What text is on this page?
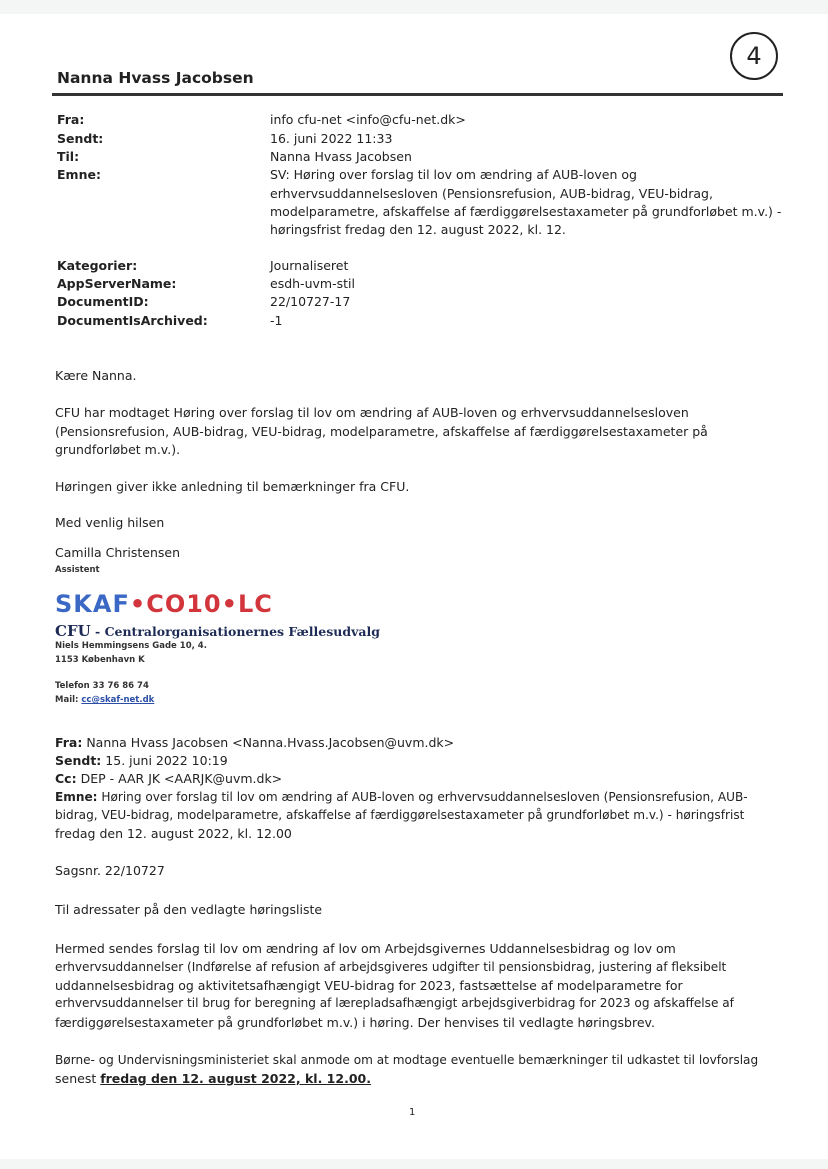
4
Nanna Hvass Jacobsen
Fra:	info cfu-net <info@cfu-net.dk>
Sendt:	16. juni 2022 11:33
Til:	Nanna Hvass Jacobsen
Emne:	SV: Høring over forslag til lov om ændring af AUB-loven og
erhvervsuddannelsesloven (Pensionsrefusion, AUB-bidrag, VEU-bidrag,
modelparametre, afskaffelse af færdiggørelsestaxameter på grundforløbet m.v.) -
høringsfrist fredag den 12. august 2022, kl. 12.
Kategorier:	Journaliseret
AppServerName:	esdh-uvm-stil
DocumentID:	22/10727-17
DocumentIsArchived:	-1
Kære Nanna.
CFU har modtaget Høring over forslag til lov om ændring af AUB-loven og erhvervsuddannelsesloven
(Pensionsrefusion, AUB-bidrag, VEU-bidrag, modelparametre, afskaffelse af færdiggørelsestaxameter på
grundforløbet m.v.).
Høringen giver ikke anledning til bemærkninger fra CFU.
Med venlig hilsen
Camilla Christensen
Assistent
SKAF•CO10•LC
CFU - Centralorganisationernes Fællesudvalg
Niels Hemmingsens Gade 10, 4.
1153 København K
Telefon 33 76 86 74
Mail: cc@skaf-net.dk
Fra: Nanna Hvass Jacobsen <Nanna.Hvass.Jacobsen@uvm.dk>
Sendt: 15. juni 2022 10:19
Cc: DEP - AAR JK <AARJK@uvm.dk>
Emne: Høring over forslag til lov om ændring af AUB-loven og erhvervsuddannelsesloven (Pensionsrefusion, AUB-
bidrag, VEU-bidrag, modelparametre, afskaffelse af færdiggørelsestaxameter på grundforløbet m.v.) - høringsfrist
fredag den 12. august 2022, kl. 12.00
Sagsnr. 22/10727
Til adressater på den vedlagte høringsliste
Hermed sendes forslag til lov om ændring af lov om Arbejdsgivernes Uddannelsesbidrag og lov om
erhvervsuddannelser (Indførelse af refusion af arbejdsgiveres udgifter til pensionsbidrag, justering af fleksibelt
uddannelsesbidrag og aktivitetsafhængigt VEU-bidrag for 2023, fastsættelse af modelparametre for
erhvervsuddannelser til brug for beregning af lærepladsafhængigt arbejdsgiverbidrag for 2023 og afskaffelse af
færdiggørelsestaxameter på grundforløbet m.v.) i høring. Der henvises til vedlagte høringsbrev.
Børne- og Undervisningsministeriet skal anmode om at modtage eventuelle bemærkninger til udkastet til lovforslag
senest fredag den 12. august 2022, kl. 12.00.
1
